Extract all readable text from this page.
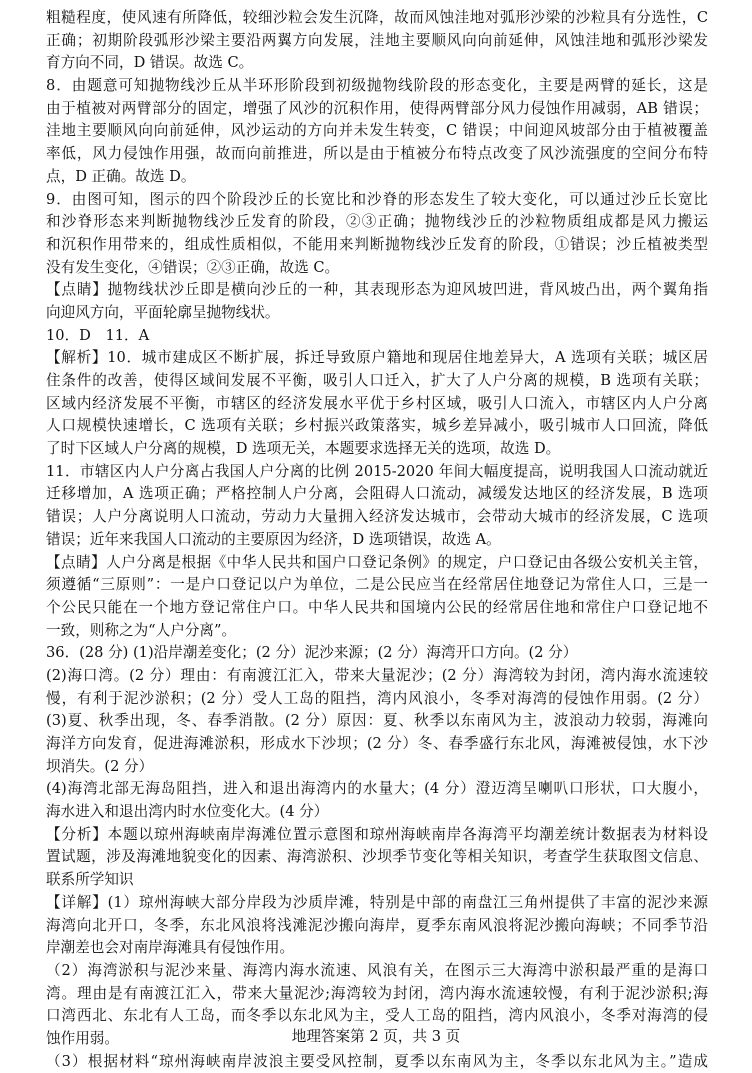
粗糙程度，使风速有所降低，较细沙粒会发生沉降，故而风蚀洼地对弧形沙梁的沙粒具有分选性，C
正确；初期阶段弧形沙梁主要沿两翼方向发展，洼地主要顺风向向前延伸，风蚀洼地和弧形沙梁发
育方向不同，D 错误。故选 C。
8．由题意可知抛物线沙丘从半环形阶段到初级抛物线阶段的形态变化，主要是两臂的延长，这是
由于植被对两臂部分的固定，增强了风沙的沉积作用，使得两臂部分风力侵蚀作用减弱，AB 错误；
洼地主要顺风向向前延伸，风沙运动的方向并未发生转变，C 错误；中间迎风坡部分由于植被覆盖
率低，风力侵蚀作用强，故而向前推进，所以是由于植被分布特点改变了风沙流强度的空间分布特
点，D 正确。故选 D。
9．由图可知，图示的四个阶段沙丘的长宽比和沙脊的形态发生了较大变化，可以通过沙丘长宽比
和沙脊形态来判断抛物线沙丘发育的阶段，②③正确；抛物线沙丘的沙粒物质组成都是风力搬运
和沉积作用带来的，组成性质相似，不能用来判断抛物线沙丘发育的阶段，①错误；沙丘植被类型
没有发生变化，④错误；②③正确，故选 C。
【点睛】抛物线状沙丘即是横向沙丘的一种，其表现形态为迎风坡凹进，背风坡凸出，两个翼角指
向迎风方向，平面轮廓呈抛物线状。
10．D　11．A
【解析】10．城市建成区不断扩展，拆迁导致原户籍地和现居住地差异大，A 选项有关联；城区居
住条件的改善，使得区域间发展不平衡，吸引人口迁入，扩大了人户分离的规模，B 选项有关联；
区域内经济发展不平衡，市辖区的经济发展水平优于乡村区域，吸引人口流入，市辖区内人户分离
人口规模快速增长，C 选项有关联；乡村振兴政策落实，城乡差异减小，吸引城市人口回流，降低
了时下区域人户分离的规模，D 选项无关，本题要求选择无关的选项，故选 D。
11．市辖区内人户分离占我国人户分离的比例 2015-2020 年间大幅度提高，说明我国人口流动就近
迁移增加，A 选项正确；严格控制人户分离，会阻碍人口流动，减缓发达地区的经济发展，B 选项
错误；人户分离说明人口流动，劳动力大量拥入经济发达城市，会带动大城市的经济发展，C 选项
错误；近年来我国人口流动的主要原因为经济，D 选项错误，故选 A。
【点睛】人户分离是根据《中华人民共和国户口登记条例》的规定，户口登记由各级公安机关主管，
须遵循“三原则”：一是户口登记以户为单位，二是公民应当在经常居住地登记为常住人口，三是一
个公民只能在一个地方登记常住户口。中华人民共和国境内公民的经常居住地和常住户口登记地不
一致，则称之为“人户分离”。
36．(28 分) (1)沿岸潮差变化；(2 分）泥沙来源；(2 分）海湾开口方向。(2 分）
(2)海口湾。(2 分）理由：有南渡江汇入，带来大量泥沙；(2 分）海湾较为封闭，湾内海水流速较
慢，有利于泥沙淤积；(2 分）受人工岛的阻挡，湾内风浪小，冬季对海湾的侵蚀作用弱。(2 分）
(3)夏、秋季出现，冬、春季消散。(2 分）原因：夏、秋季以东南风为主，波浪动力较弱，海滩向
海洋方向发育，促进海滩淤积，形成水下沙坝；(2 分）冬、春季盛行东北风，海滩被侵蚀，水下沙
坝消失。(2 分）
(4)海湾北部无海岛阻挡，进入和退出海湾内的水量大；(4 分）澄迈湾呈喇叭口形状，口大腹小，
海水进入和退出湾内时水位变化大。(4 分）
【分析】本题以琼州海峡南岸海滩位置示意图和琼州海峡南岸各海湾平均潮差统计数据表为材料设
置试题，涉及海滩地貌变化的因素、海湾淤积、沙坝季节变化等相关知识，考查学生获取图文信息、
联系所学知识
【详解】(1）琼州海峡大部分岸段为沙质岸滩，特别是中部的南盘江三角州提供了丰富的泥沙来源
海湾向北开口，冬季，东北风浪将浅滩泥沙搬向海岸，夏季东南风浪将泥沙搬向海峡；不同季节沿
岸潮差也会对南岸海滩具有侵蚀作用。
（2）海湾淤积与泥沙来量、海湾内海水流速、风浪有关，在图示三大海湾中淤积最严重的是海口
湾。理由是有南渡江汇入，带来大量泥沙;海湾较为封闭，湾内海水流速较慢，有利于泥沙淤积;海
口湾西北、东北有人工岛，而冬季以东北风为主，受人工岛的阻挡，湾内风浪小，冬季对海湾的侵
蚀作用弱。
（3）根据材料“琼州海峡南岸波浪主要受风控制，夏季以东南风为主，冬季以东北风为主。”造成
地理答案第 2 页，共 3 页
